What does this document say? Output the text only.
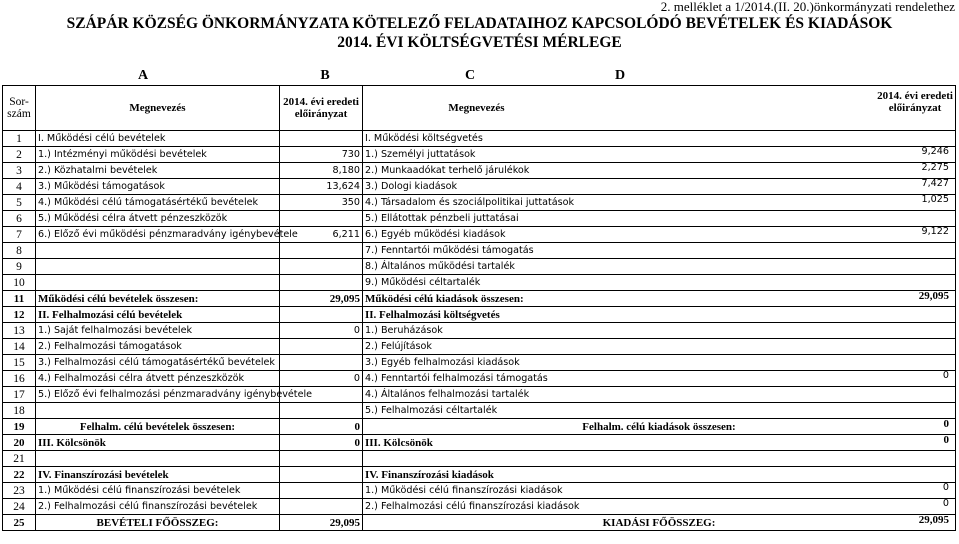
2. melléklet a 1/2014.(II. 20.)önkormányzati rendelethez
SZÁPÁR KÖZSÉG ÖNKORMÁNYZATA KÖTELEZŐ FELADATAIHOZ KAPCSOLÓDÓ BEVÉTELEK ÉS KIADÁSOK
2014. ÉVI KÖLTSÉGVETÉSI MÉRLEGE
A	B	C	D
Sor-szám	Megnevezés	2014. évi eredeti előirányzat	Megnevezés
2014. évi eredeti előirányzat

1	I. Működési célú bevételek		I. Működési költségvetés

2	1.) Intézményi működési bevételek	730	1.) Személyi juttatások 9,246

3	2.) Közhatalmi bevételek	8,180	2.) Munkaadókat terhelő járulékok 2,275

4	3.) Működési támogatások	13,624	3.) Dologi kiadások 7,427

5	4.) Működési célú támogatásértékű bevételek	350	4.) Társadalom és szociálpolitikai juttatások 1,025

6	5.) Működési célra átvett pénzeszközök		5.) Ellátottak pénzbeli juttatásai

7	6.) Előző évi működési pénzmaradvány igénybevétele	6,211	6.) Egyéb működési kiadások 9,122

8			7.) Fenntartói működési támogatás

9			8.) Általános működési tartalék

10			9.) Működési céltartalék

11	Működési célú bevételek összesen:	29,095	Működési célú kiadások összesen: 29,095

12	II. Felhalmozási célú bevételek		II. Felhalmozási költségvetés

13	1.) Saját felhalmozási bevételek	0	1.) Beruházások

14	2.) Felhalmozási támogatások		2.) Felújítások

15	3.) Felhalmozási célú támogatásértékű bevételek		3.) Egyéb felhalmozási kiadások

16	4.) Felhalmozási célra átvett pénzeszközök	0	4.) Fenntartói felhalmozási támogatás 0

17	5.) Előző évi felhalmozási pénzmaradvány igénybevétele		4.) Általános felhalmozási tartalék

18			5.) Felhalmozási céltartalék

19	Felhalm. célú bevételek összesen:	0	Felhalm. célú kiadások összesen: 0

20	III. Kölcsönök	0	III. Kölcsönök 0

21			

22	IV. Finanszírozási bevételek		IV. Finanszírozási kiadások

23	1.) Működési célú finanszírozási bevételek		1.) Működési célú finanszírozási kiadások 0

24	2.) Felhalmozási célú finanszírozási bevételek		2.) Felhalmozási célú finanszírozási kiadások 0

25	BEVÉTELI FŐÖSSZEG:	29,095	KIADÁSI FŐÖSSZEG: 29,095
